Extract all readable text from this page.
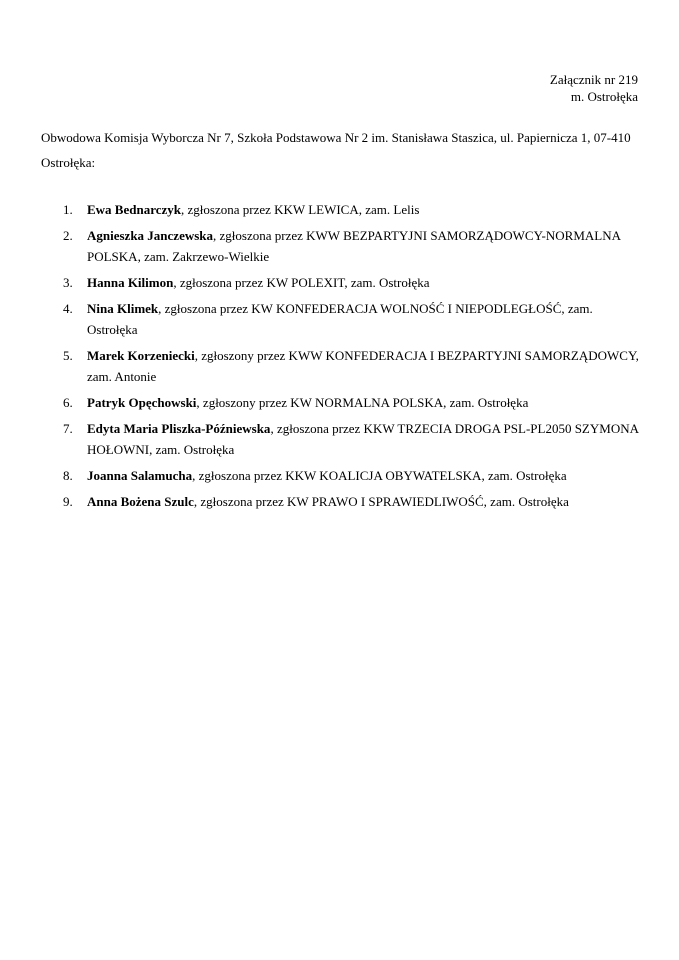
Załącznik nr 219
m. Ostrołęka

Obwodowa Komisja Wyborcza Nr 7, Szkoła Podstawowa Nr 2 im. Stanisława Staszica, ul. Papiernicza 1, 07-410 Ostrołęka:

1. Ewa Bednarczyk, zgłoszona przez KKW LEWICA, zam. Lelis
2. Agnieszka Janczewska, zgłoszona przez KWW BEZPARTYJNI SAMORZĄDOWCY-NORMALNA POLSKA, zam. Zakrzewo-Wielkie
3. Hanna Kilimon, zgłoszona przez KW POLEXIT, zam. Ostrołęka
4. Nina Klimek, zgłoszona przez KW KONFEDERACJA WOLNOŚĆ I NIEPODLEGŁOŚĆ, zam. Ostrołęka
5. Marek Korzeniecki, zgłoszony przez KWW KONFEDERACJA I BEZPARTYJNI SAMORZĄDOWCY, zam. Antonie
6. Patryk Opęchowski, zgłoszony przez KW NORMALNA POLSKA, zam. Ostrołęka
7. Edyta Maria Pliszka-Późniewska, zgłoszona przez KKW TRZECIA DROGA PSL-PL2050 SZYMONA HOŁOWNI, zam. Ostrołęka
8. Joanna Salamucha, zgłoszona przez KKW KOALICJA OBYWATELSKA, zam. Ostrołęka
9. Anna Bożena Szulc, zgłoszona przez KW PRAWO I SPRAWIEDLIWOŚĆ, zam. Ostrołęka
